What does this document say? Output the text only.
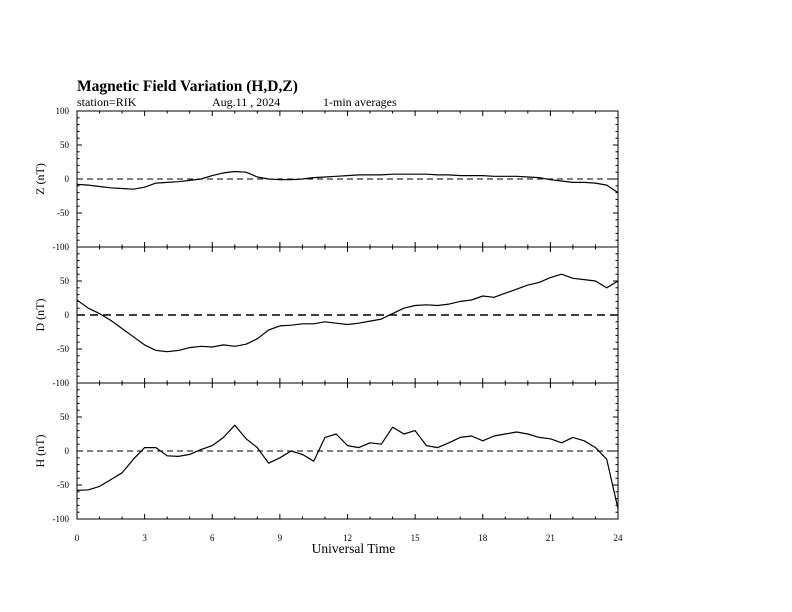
Magnetic Field Variation (H,D,Z)
station=RIK	Aug.11 , 2024	1-min averages
-100
-50
0
50
100
Z (nT)
-100
-50
0
50
D (nT)
-100
-50
0
50
H (nT)
0	3	6	9	12	15	18	21	24
Universal Time
